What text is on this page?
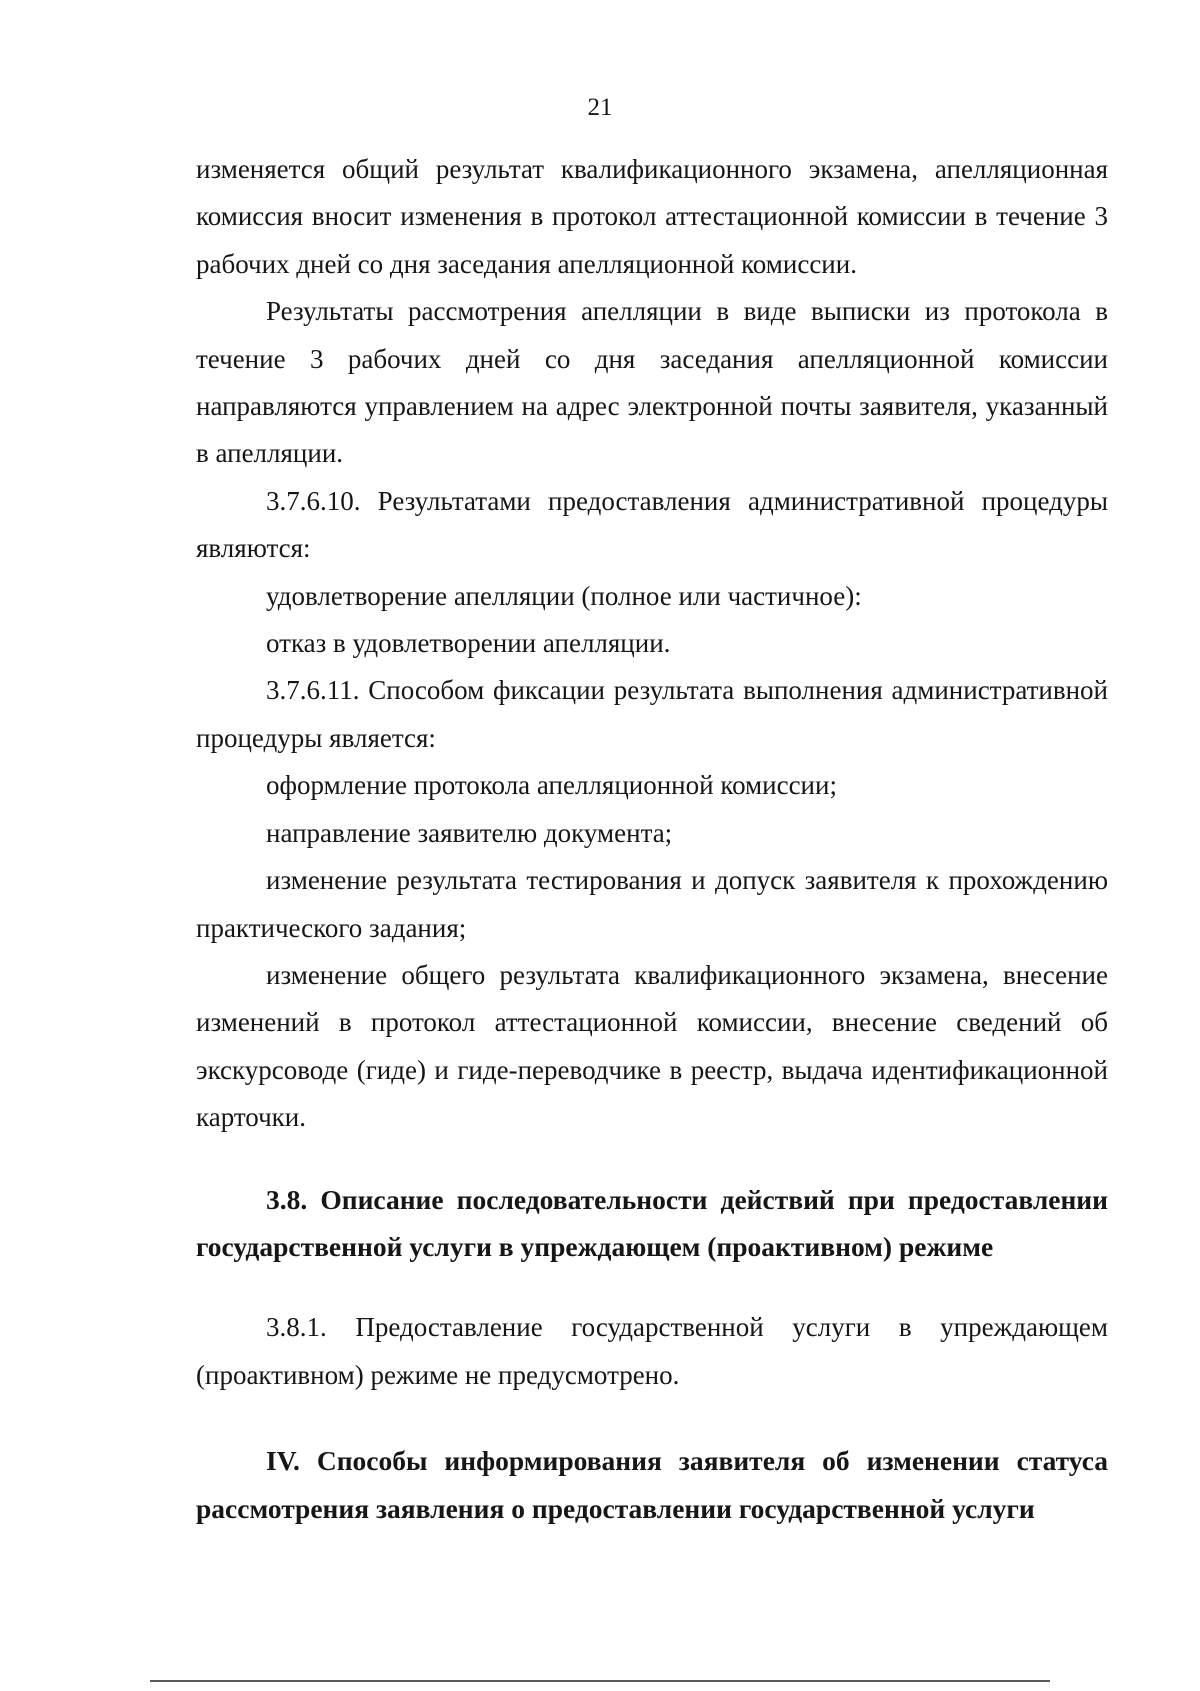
21

изменяется общий результат квалификационного экзамена, апелляционная комиссия вносит изменения в протокол аттестационной комиссии в течение 3 рабочих дней со дня заседания апелляционной комиссии.

Результаты рассмотрения апелляции в виде выписки из протокола в течение 3 рабочих дней со дня заседания апелляционной комиссии направляются управлением на адрес электронной почты заявителя, указанный в апелляции.

3.7.6.10. Результатами предоставления административной процедуры являются:

удовлетворение апелляции (полное или частичное):

отказ в удовлетворении апелляции.

3.7.6.11. Способом фиксации результата выполнения административной процедуры является:

оформление протокола апелляционной комиссии;

направление заявителю документа;

изменение результата тестирования и допуск заявителя к прохождению практического задания;

изменение общего результата квалификационного экзамена, внесение изменений в протокол аттестационной комиссии, внесение сведений об экскурсоводе (гиде) и гиде-переводчике в реестр, выдача идентификационной карточки.

3.8. Описание последовательности действий при предоставлении государственной услуги в упреждающем (проактивном) режиме

3.8.1. Предоставление государственной услуги в упреждающем (проактивном) режиме не предусмотрено.

IV. Способы информирования заявителя об изменении статуса рассмотрения заявления о предоставлении государственной услуги
